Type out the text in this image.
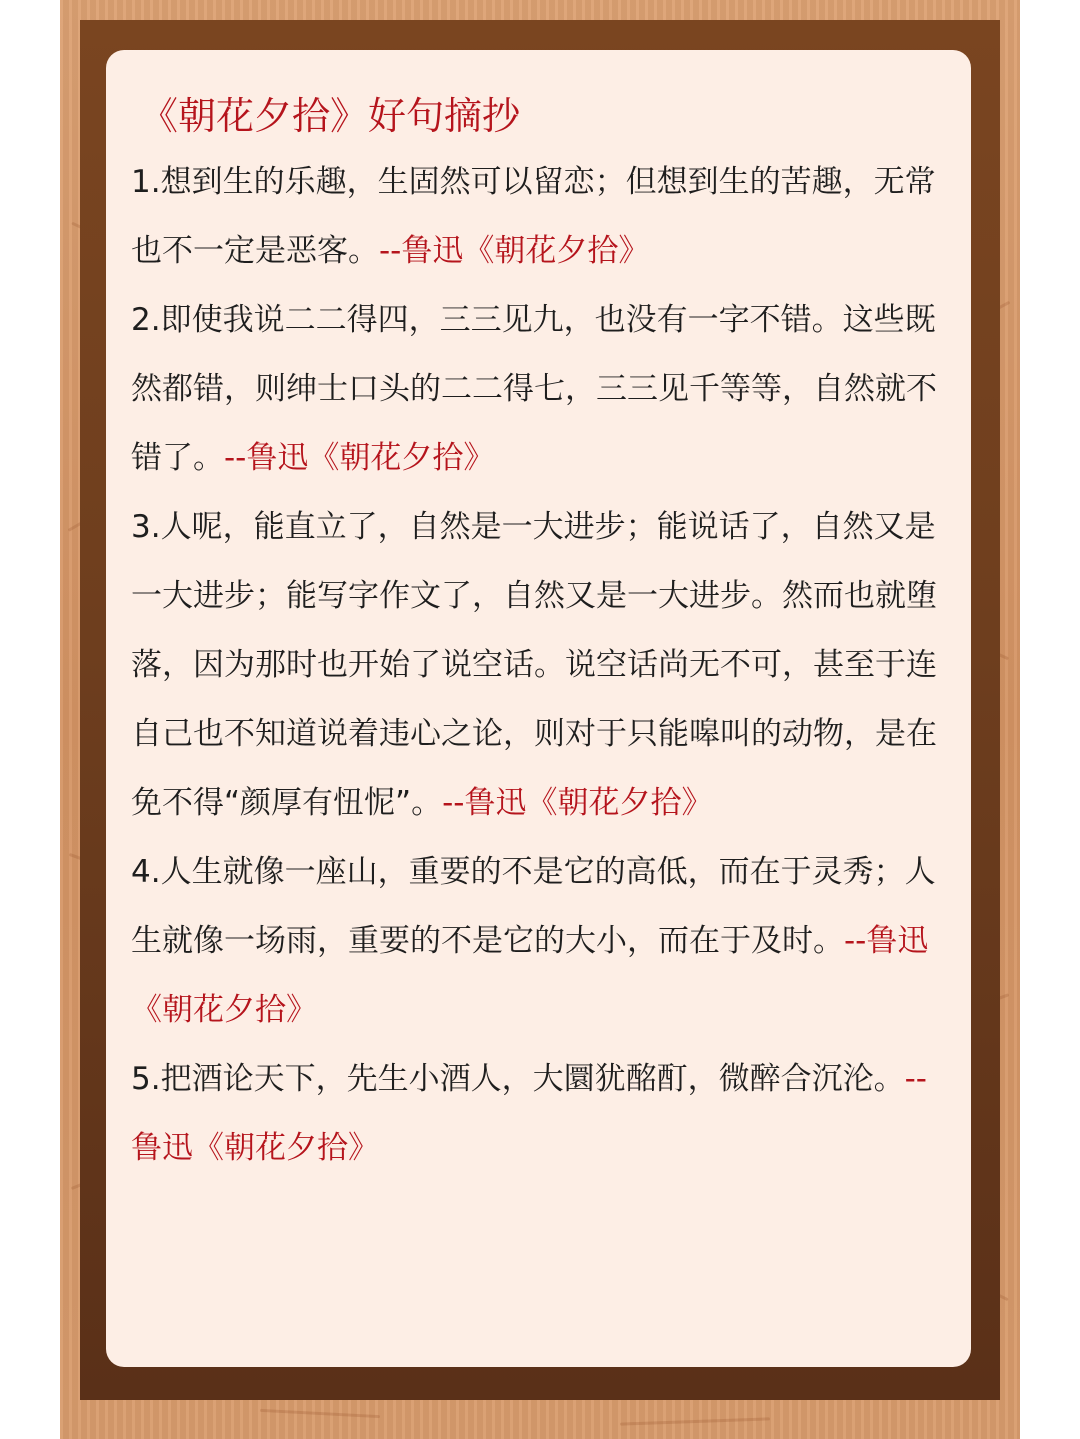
《朝花夕拾》好句摘抄

1.想到生的乐趣，生固然可以留恋；但想到生的苦趣，无常也不一定是恶客。--鲁迅《朝花夕拾》

2.即使我说二二得四，三三见九，也没有一字不错。这些既然都错，则绅士口头的二二得七，三三见千等等，自然就不错了。--鲁迅《朝花夕拾》

3.人呢，能直立了，自然是一大进步；能说话了，自然又是一大进步；能写字作文了，自然又是一大进步。然而也就堕落，因为那时也开始了说空话。说空话尚无不可，甚至于连自己也不知道说着违心之论，则对于只能嗥叫的动物，是在免不得“颜厚有忸怩”。--鲁迅《朝花夕拾》

4.人生就像一座山，重要的不是它的高低，而在于灵秀；人生就像一场雨，重要的不是它的大小，而在于及时。--鲁迅《朝花夕拾》

5.把酒论天下，先生小酒人，大圜犹酩酊，微醉合沉沦。--鲁迅《朝花夕拾》
